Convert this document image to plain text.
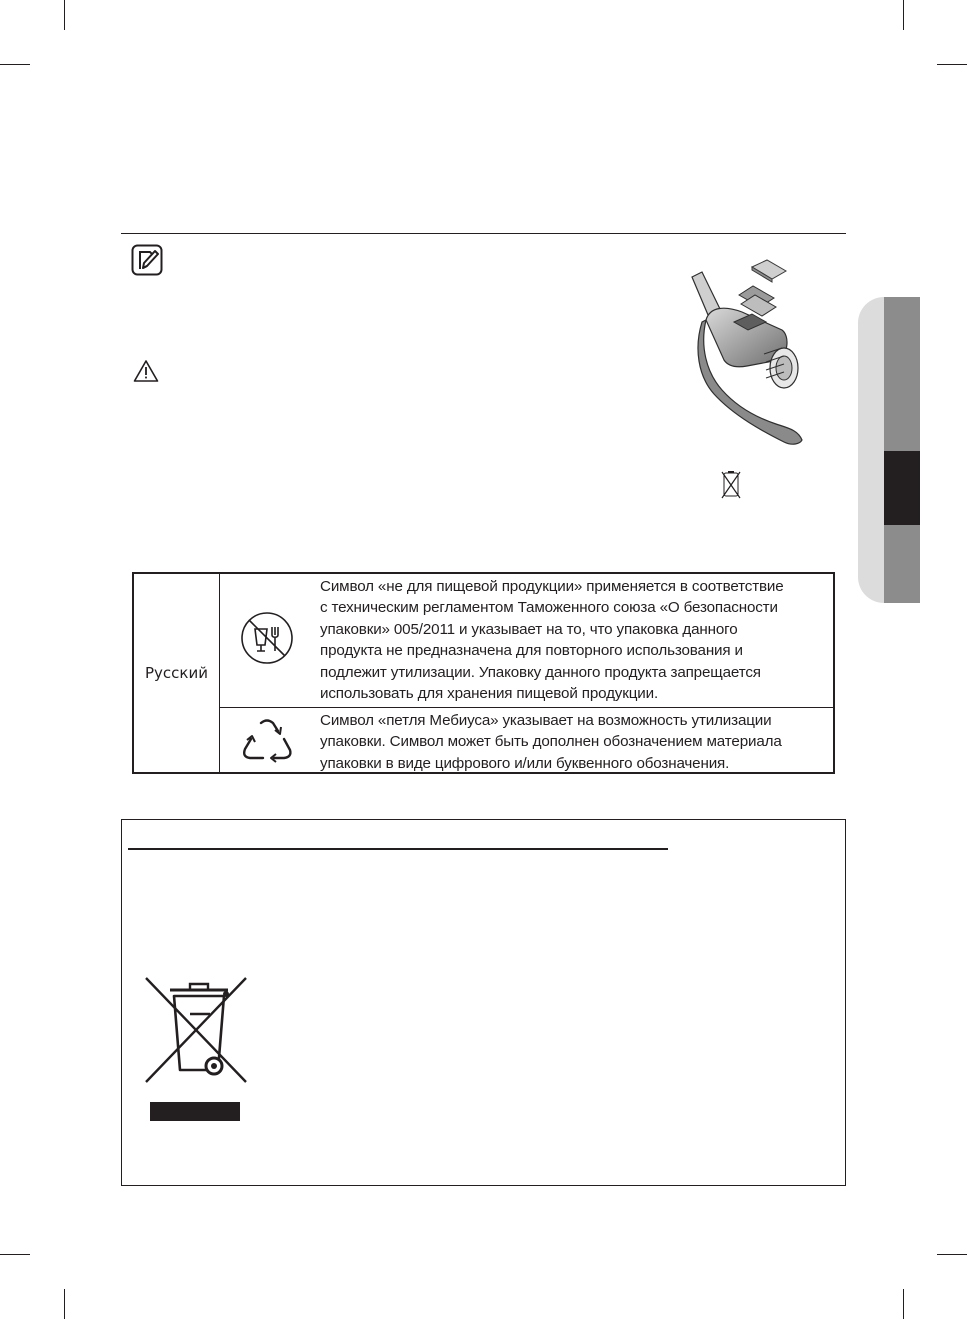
Русский

Символ «не для пищевой продукции» применяется в соответствие

с техническим регламентом Таможенного союза «О безопасности

упаковки» 005/2011 и указывает на то, что упаковка данного

продукта не предназначена для повторного использования и

подлежит утилизации. Упаковку данного продукта запрещается

использовать для хранения пищевой продукции.

Символ «петля Мебиуса» указывает на возможность утилизации

упаковки. Символ может быть дополнен обозначением материала

упаковки в виде цифрового и/или буквенного обозначения.
